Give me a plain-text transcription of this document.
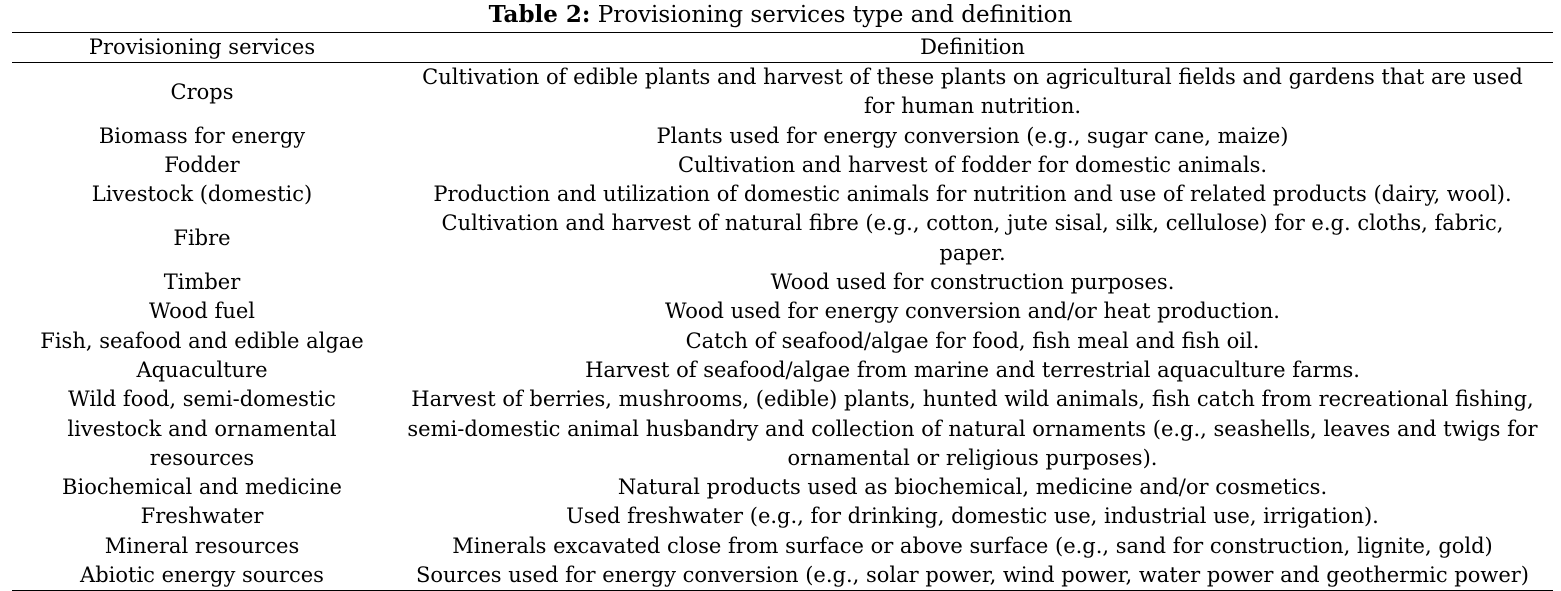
Table 2: Provisioning services type and definition
Provisioning services	Definition
Crops	Cultivation of edible plants and harvest of these plants on agricultural fields and gardens that are used for human nutrition.
Biomass for energy	Plants used for energy conversion (e.g., sugar cane, maize)
Fodder	Cultivation and harvest of fodder for domestic animals.
Livestock (domestic)	Production and utilization of domestic animals for nutrition and use of related products (dairy, wool).
Fibre	Cultivation and harvest of natural fibre (e.g., cotton, jute sisal, silk, cellulose) for e.g. cloths, fabric, paper.
Timber	Wood used for construction purposes.
Wood fuel	Wood used for energy conversion and/or heat production.
Fish, seafood and edible algae	Catch of seafood/algae for food, fish meal and fish oil.
Aquaculture	Harvest of seafood/algae from marine and terrestrial aquaculture farms.
Wild food, semi-domestic livestock and ornamental resources	Harvest of berries, mushrooms, (edible) plants, hunted wild animals, fish catch from recreational fishing, semi-domestic animal husbandry and collection of natural ornaments (e.g., seashells, leaves and twigs for ornamental or religious purposes).
Biochemical and medicine	Natural products used as biochemical, medicine and/or cosmetics.
Freshwater	Used freshwater (e.g., for drinking, domestic use, industrial use, irrigation).
Mineral resources	Minerals excavated close from surface or above surface (e.g., sand for construction, lignite, gold)
Abiotic energy sources	Sources used for energy conversion (e.g., solar power, wind power, water power and geothermic power)
